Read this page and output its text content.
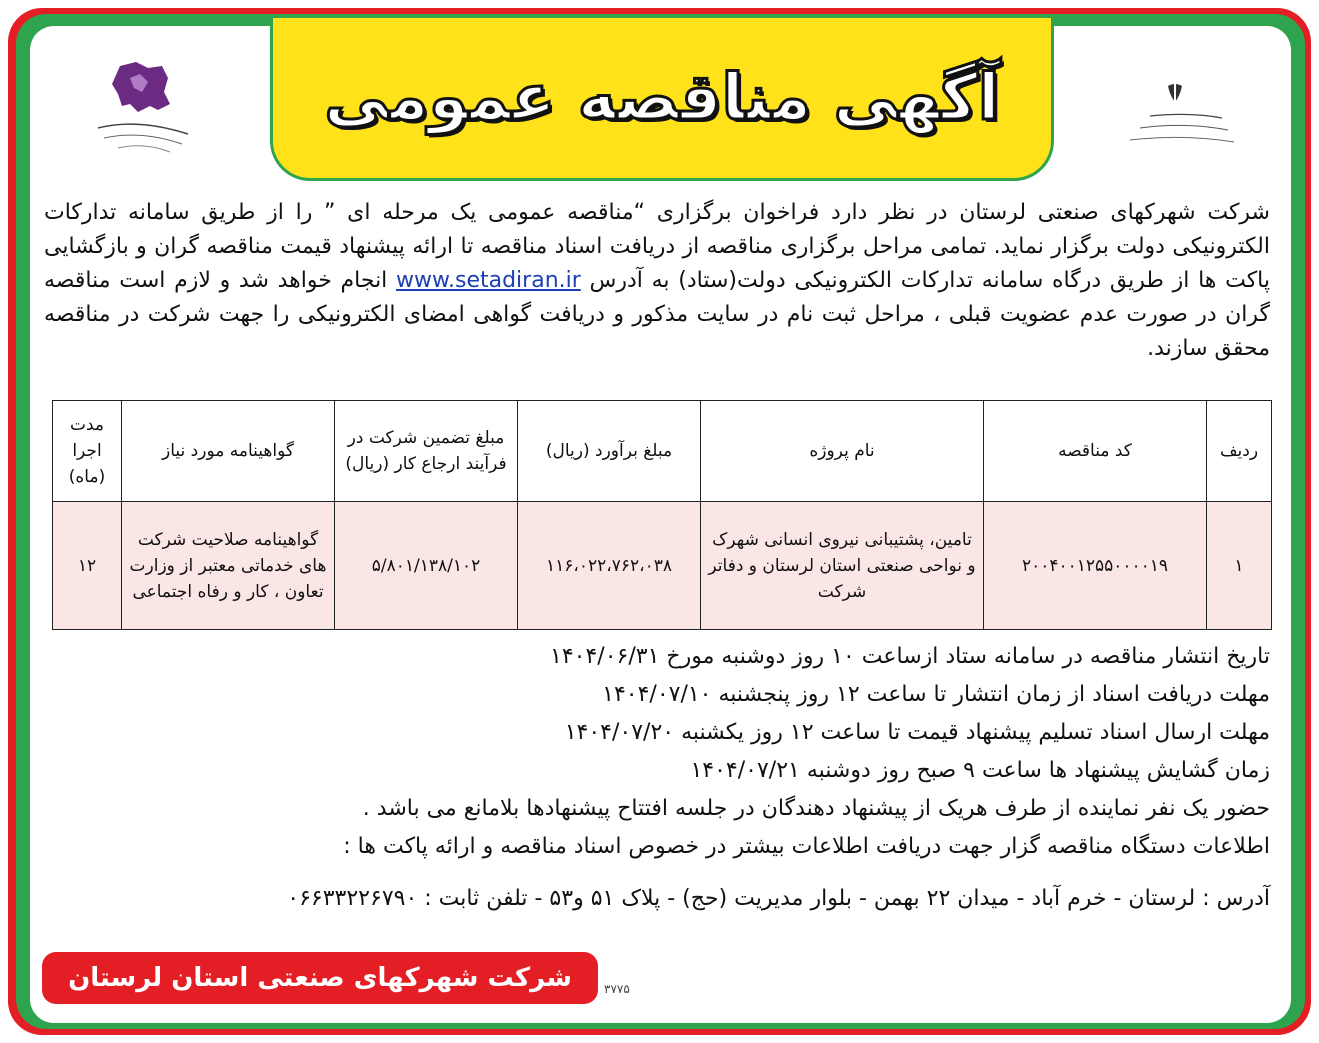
آگهی مناقصه عمومی
شرکت شهرکهای صنعتی لرستان در نظر دارد فراخوان برگزاری “مناقصه عمومی یک مرحله ای ” را از طریق سامانه تدارکات الکترونیکی دولت برگزار نماید. تمامی مراحل برگزاری مناقصه از دریافت اسناد مناقصه تا ارائه پیشنهاد قیمت مناقصه گران و بازگشایی پاکت ها از طریق درگاه سامانه تدارکات الکترونیکی دولت(ستاد) به آدرس www.setadiran.ir انجام خواهد شد و لازم است مناقصه گران در صورت عدم عضویت قبلی ، مراحل ثبت نام در سایت مذکور و دریافت گواهی امضای الکترونیکی را جهت شرکت در مناقصه محقق سازند.
ردیف	کد مناقصه	نام پروژه	مبلغ برآورد (ریال)	مبلغ تضمین شرکت در فرآیند ارجاع کار (ریال)	گواهینامه مورد نیاز	مدت اجرا (ماه)
۱	۲۰۰۴۰۰۱۲۵۵۰۰۰۰۱۹	تامین، پشتیبانی نیروی انسانی شهرک و نواحی صنعتی استان لرستان و دفاتر شرکت	۱۱۶،۰۲۲،۷۶۲،۰۳۸	۵/۸۰۱/۱۳۸/۱۰۲	گواهینامه صلاحیت شرکت های خدماتی معتبر از وزارت تعاون ، کار و رفاه اجتماعی	۱۲
تاریخ انتشار مناقصه در سامانه ستاد ازساعت ۱۰ روز دوشنبه مورخ ۱۴۰۴/۰۶/۳۱
مهلت دریافت اسناد از زمان انتشار تا ساعت ۱۲ روز پنجشنبه ۱۴۰۴/۰۷/۱۰
مهلت ارسال اسناد تسلیم پیشنهاد قیمت تا ساعت ۱۲ روز یکشنبه ۱۴۰۴/۰۷/۲۰
زمان گشایش پیشنهاد ها ساعت ۹ صبح روز دوشنبه ۱۴۰۴/۰۷/۲۱
حضور یک نفر نماینده از طرف هریک از پیشنهاد دهندگان در جلسه افتتاح پیشنهادها بلامانع می باشد .
اطلاعات دستگاه مناقصه گزار جهت دریافت اطلاعات بیشتر در خصوص اسناد مناقصه و ارائه پاکت ها :
آدرس : لرستان - خرم آباد - میدان ۲۲ بهمن - بلوار مدیریت (حج) - پلاک ۵۱ و۵۳ - تلفن ثابت : ۰۶۶۳۳۲۲۶۷۹۰
شرکت شهرکهای صنعتی استان لرستان	۳۷۷۵
